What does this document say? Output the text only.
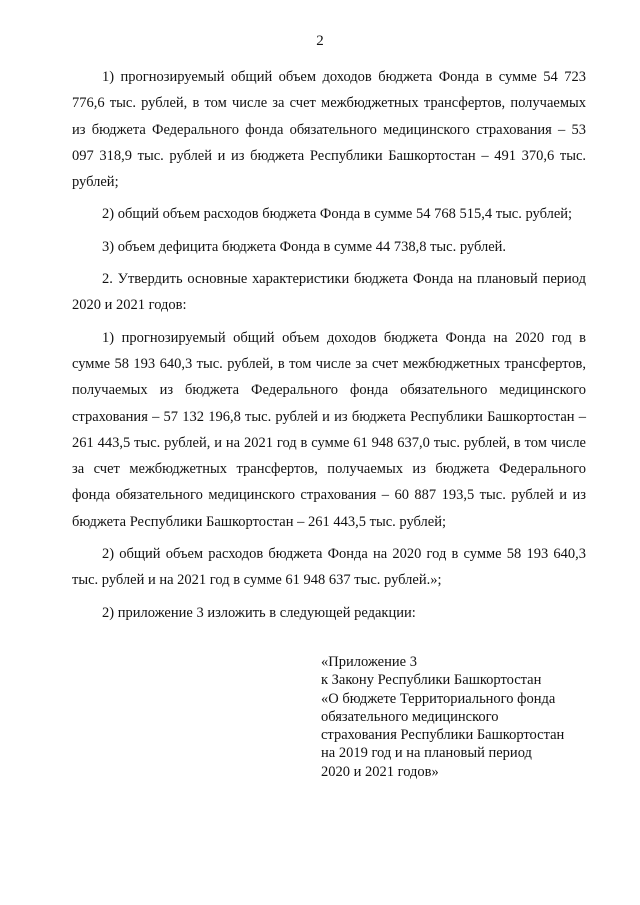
2

1) прогнозируемый общий объем доходов бюджета Фонда в сумме 54 723 776,6 тыс. рублей, в том числе за счет межбюджетных трансфертов, получаемых из бюджета Федерального фонда обязательного медицинского страхования – 53 097 318,9 тыс. рублей и из бюджета Республики Башкортостан – 491 370,6 тыс. рублей;

2) общий объем расходов бюджета Фонда в сумме 54 768 515,4 тыс. рублей;

3) объем дефицита бюджета Фонда в сумме 44 738,8 тыс. рублей.

2. Утвердить основные характеристики бюджета Фонда на плановый период 2020 и 2021 годов:

1) прогнозируемый общий объем доходов бюджета Фонда на 2020 год в сумме 58 193 640,3 тыс. рублей, в том числе за счет межбюджетных трансфертов, получаемых из бюджета Федерального фонда обязательного медицинского страхования – 57 132 196,8 тыс. рублей и из бюджета Республики Башкортостан – 261 443,5 тыс. рублей, и на 2021 год в сумме 61 948 637,0 тыс. рублей, в том числе за счет межбюджетных трансфертов, получаемых из бюджета Федерального фонда обязательного медицинского страхования – 60 887 193,5 тыс. рублей и из бюджета Республики Башкортостан – 261 443,5 тыс. рублей;

2) общий объем расходов бюджета Фонда на 2020 год в сумме 58 193 640,3 тыс. рублей и на 2021 год в сумме 61 948 637 тыс. рублей.»;

2) приложение 3 изложить в следующей редакции:

«Приложение 3
к Закону Республики Башкортостан
«О бюджете Территориального фонда
обязательного медицинского
страхования Республики Башкортостан
на 2019 год и на плановый период
2020 и 2021 годов»
